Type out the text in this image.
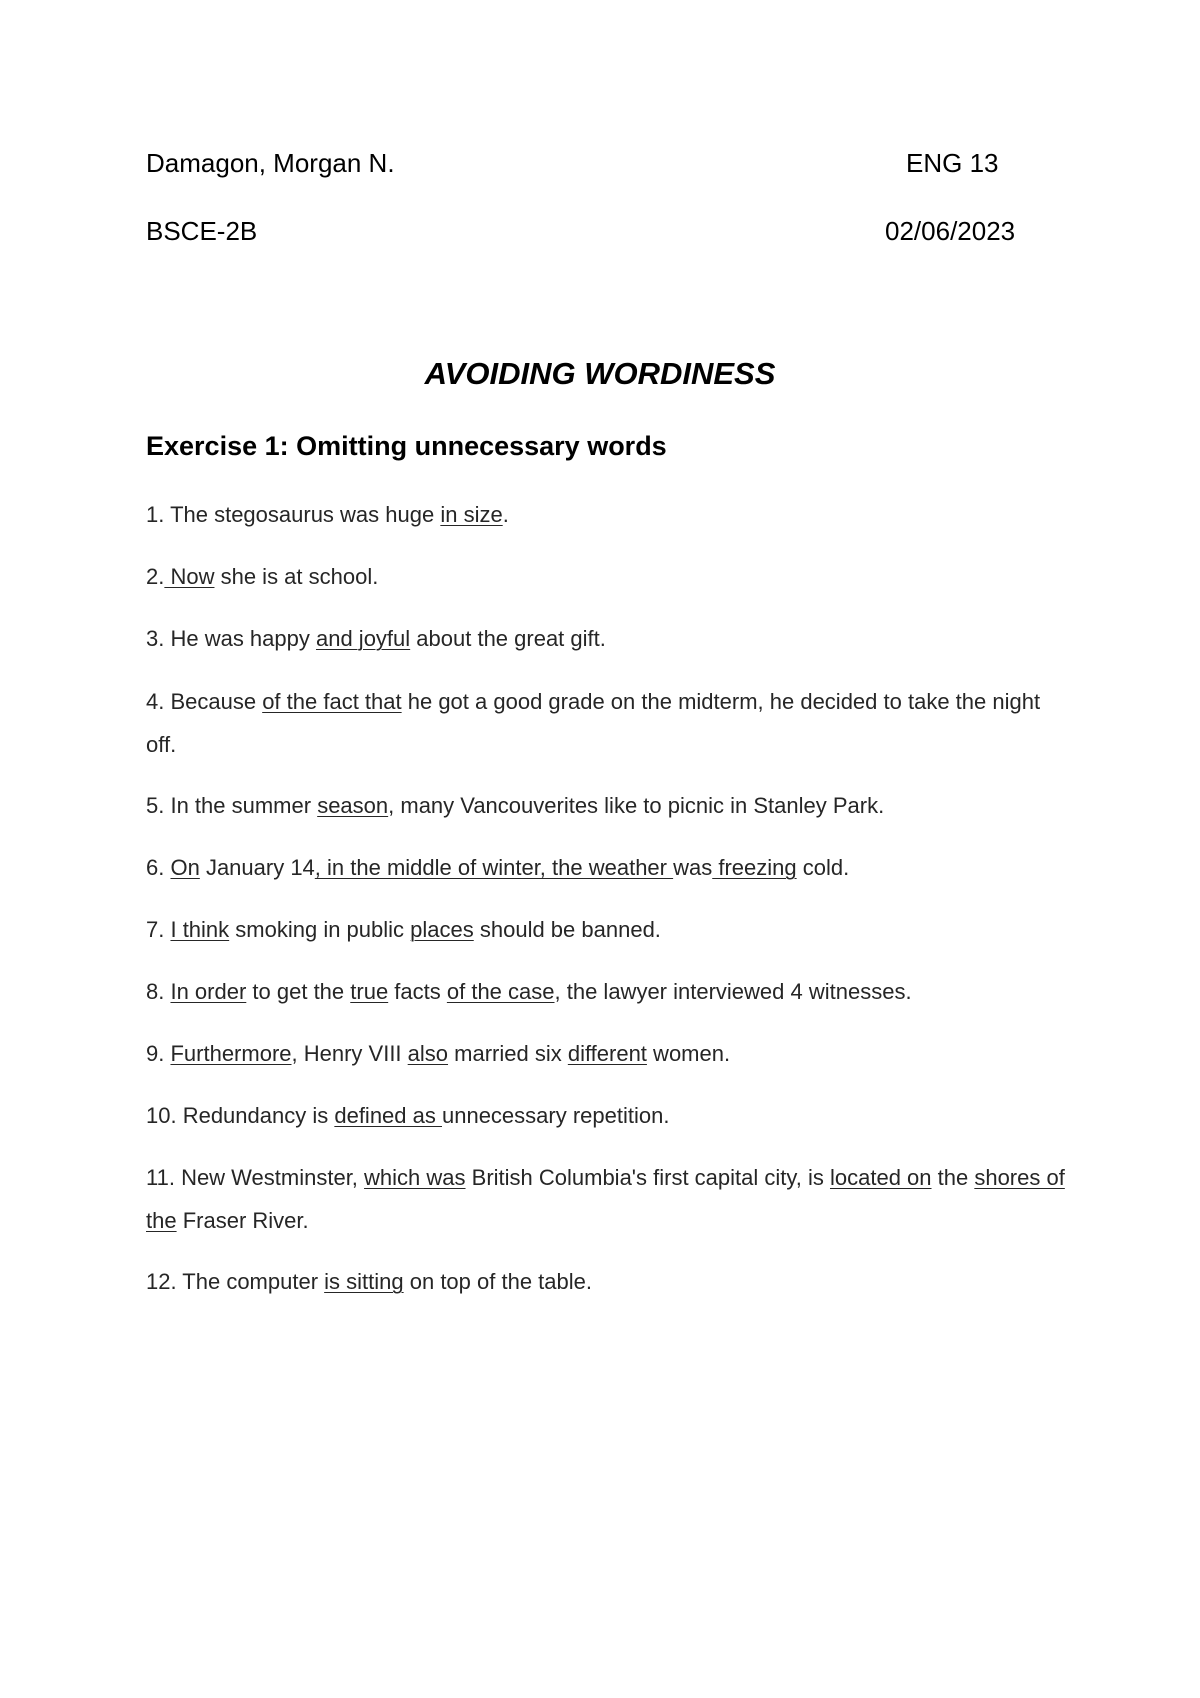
Damagon, Morgan N.	ENG 13
BSCE-2B	02/06/2023
AVOIDING WORDINESS
Exercise 1: Omitting unnecessary words
1. The stegosaurus was huge in size.
2. Now she is at school.
3. He was happy and joyful about the great gift.
4. Because of the fact that he got a good grade on the midterm, he decided to take the night off.
5. In the summer season, many Vancouverites like to picnic in Stanley Park.
6. On January 14, in the middle of winter, the weather was freezing cold.
7. I think smoking in public places should be banned.
8. In order to get the true facts of the case, the lawyer interviewed 4 witnesses.
9. Furthermore, Henry VIII also married six different women.
10. Redundancy is defined as unnecessary repetition.
11. New Westminster, which was British Columbia's first capital city, is located on the shores of the Fraser River.
12. The computer is sitting on top of the table.
